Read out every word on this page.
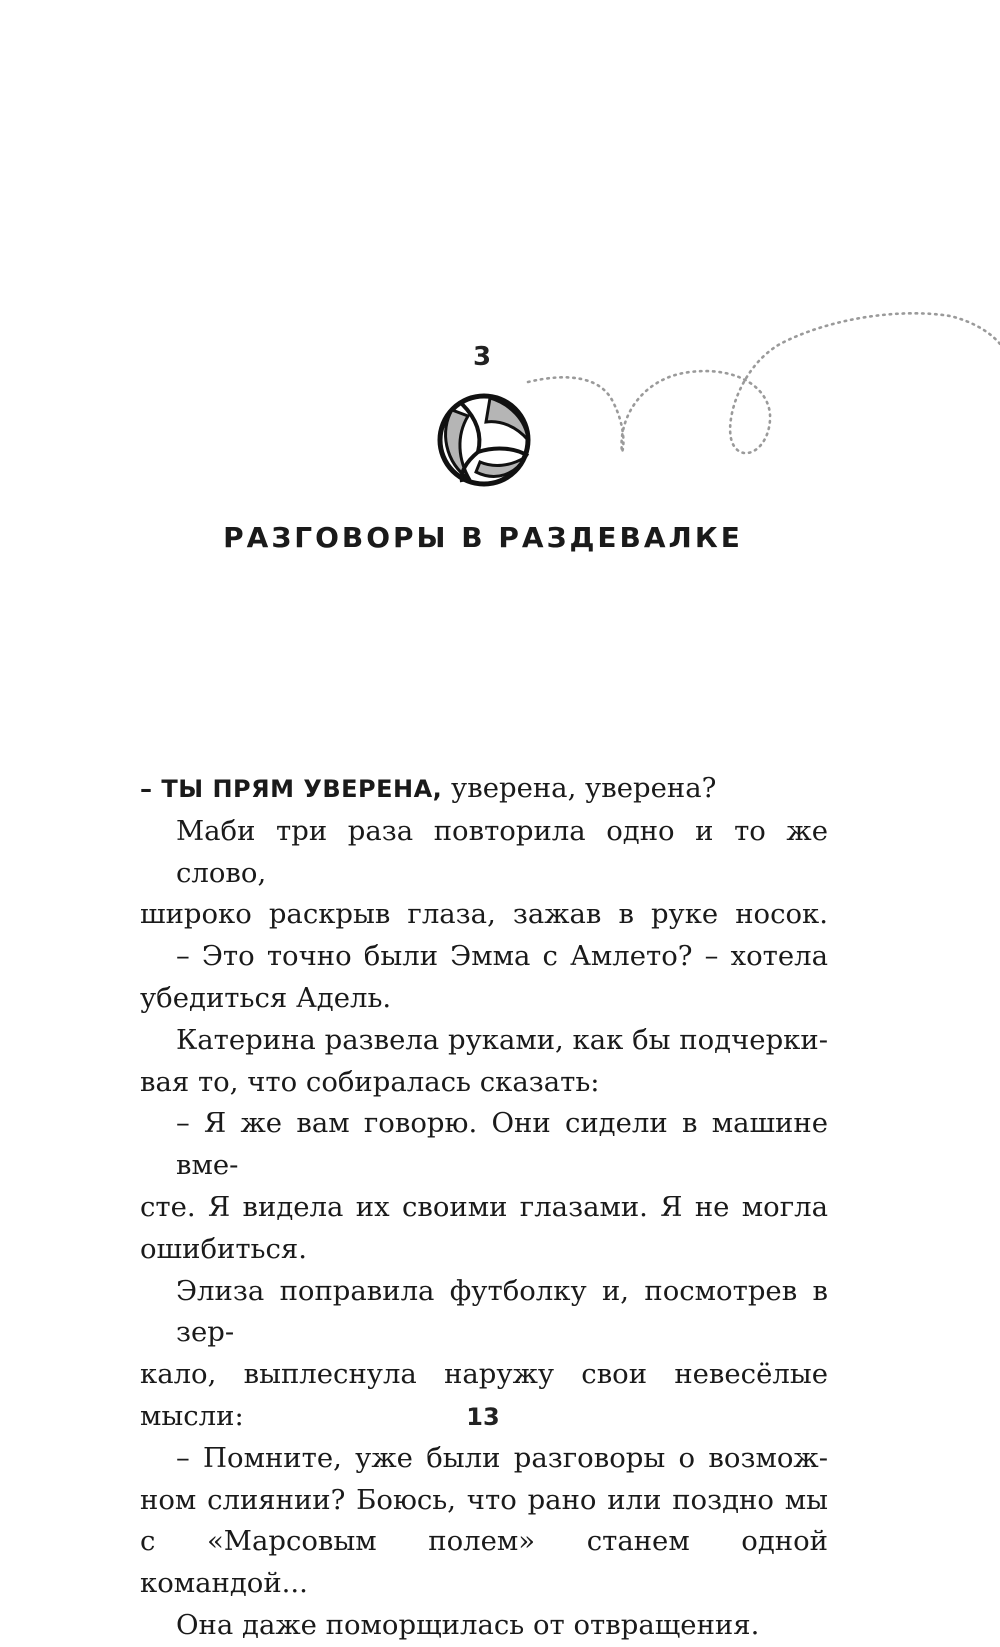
3
РАЗГОВОРЫ В РАЗДЕВАЛКЕ
– ТЫ ПРЯМ УВЕРЕНА, уверена, уверена?
Маби три раза повторила одно и то же слово,
широко раскрыв глаза, зажав в руке носок.
– Это точно были Эмма с Амлето? – хотела
убедиться Адель.
Катерина развела руками, как бы подчерки-
вая то, что собиралась сказать:
– Я же вам говорю. Они сидели в машине вме-
сте. Я видела их своими глазами. Я не могла
ошибиться.
Элиза поправила футболку и, посмотрев в зер-
кало, выплеснула наружу свои невесёлые мысли:
– Помните, уже были разговоры о возмож-
ном слиянии? Боюсь, что рано или поздно мы
с «Марсовым полем» станем одной командой...
Она даже поморщилась от отвращения.
13
